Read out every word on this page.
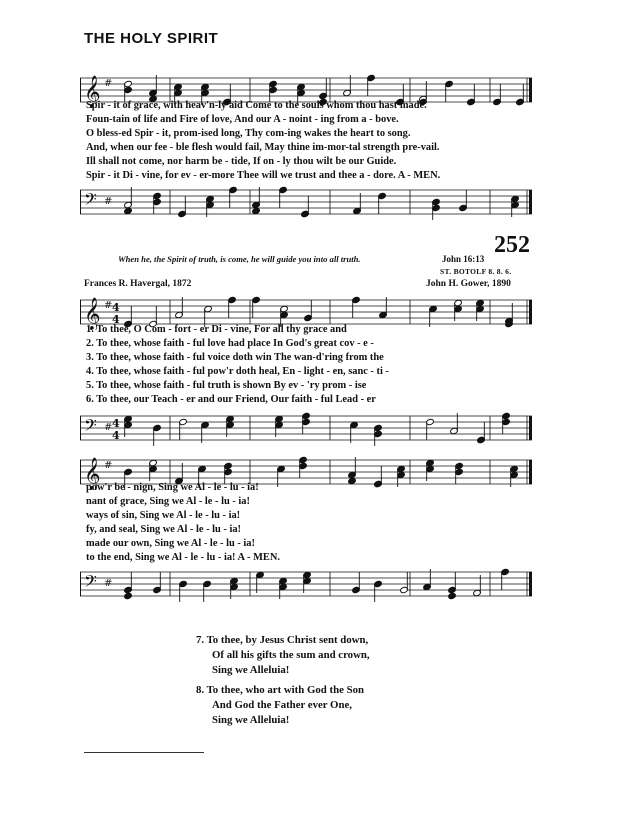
THE HOLY SPIRIT
𝄞 #
Spir - it of grace, with heav'n-ly aid Come to the souls whom thou hast made.
Foun-tain of life and Fire of love, And our A - noint - ing from a - bove.
O bless-ed Spir - it, prom-ised long, Thy com-ing wakes the heart to song.
And, when our fee - ble flesh would fail, May thine im-mor-tal strength pre-vail.
Ill shall not come, nor harm be - tide, If on - ly thou wilt be our Guide.
Spir - it Di - vine, for ev - er-more Thee will we trust and thee a - dore. A - MEN.
𝄢 #
252
When he, the Spirit of truth, is come, he will guide you into all truth.	John 16:13
ST. BOTOLF 8. 8. 6.
Frances R. Havergal, 1872	John H. Gower, 1890
𝄞 # 4
4
1. To thee, O Com - fort - er Di - vine, For all thy grace and
2. To thee, whose faith - ful love had place In God's great cov - e -
3. To thee, whose faith - ful voice doth win The wan-d'ring from the
4. To thee, whose faith - ful pow'r doth heal, En - light - en, sanc - ti -
5. To thee, whose faith - ful truth is shown By ev - 'ry prom - ise
6. To thee, our Teach - er and our Friend, Our faith - ful Lead - er
𝄢 # 4
4
𝄞 #
pow'r be - nign, Sing we Al - le - lu - ia!
nant of grace, Sing we Al - le - lu - ia!
ways of sin, Sing we Al - le - lu - ia!
fy, and seal, Sing we Al - le - lu - ia!
made our own, Sing we Al - le - lu - ia!
to the end, Sing we Al - le - lu - ia! A - MEN.
𝄢 #
7. To thee, by Jesus Christ sent down,
Of all his gifts the sum and crown,
Sing we Alleluia!
8. To thee, who art with God the Son
And God the Father ever One,
Sing we Alleluia!
